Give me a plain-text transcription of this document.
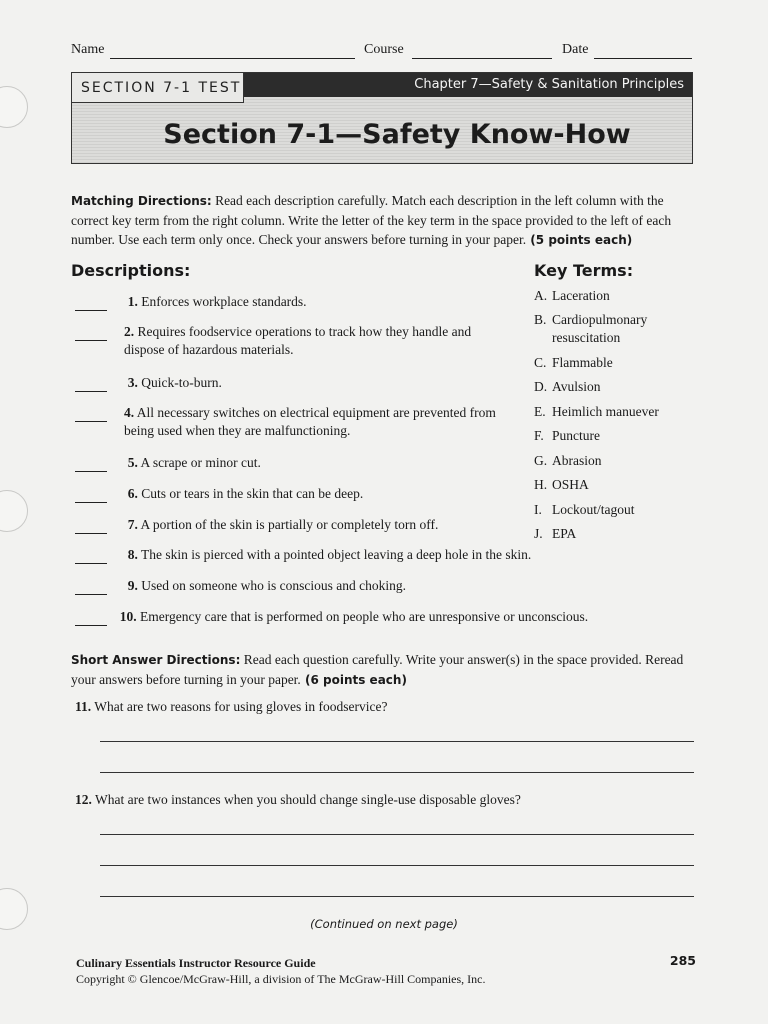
Name	Course	Date
SECTION 7-1 TEST	Chapter 7—Safety & Sanitation Principles
Section 7-1—Safety Know-How
Matching Directions: Read each description carefully. Match each description in the left column with the correct key term from the right column. Write the letter of the key term in the space provided to the left of each number. Use each term only once. Check your answers before turning in your paper. (5 points each)
Descriptions:	Key Terms:
1. Enforces workplace standards.
2. Requires foodservice operations to track how they handle and dispose of hazardous materials.
3. Quick-to-burn.
4. All necessary switches on electrical equipment are prevented from being used when they are malfunctioning.
5. A scrape or minor cut.
6. Cuts or tears in the skin that can be deep.
7. A portion of the skin is partially or completely torn off.
8. The skin is pierced with a pointed object leaving a deep hole in the skin.
9. Used on someone who is conscious and choking.
10. Emergency care that is performed on people who are unresponsive or unconscious.
A. Laceration
B. Cardiopulmonary resuscitation
C. Flammable
D. Avulsion
E. Heimlich manuever
F. Puncture
G. Abrasion
H. OSHA
I. Lockout/tagout
J. EPA
Short Answer Directions: Read each question carefully. Write your answer(s) in the space provided. Reread your answers before turning in your paper. (6 points each)
11. What are two reasons for using gloves in foodservice?
12. What are two instances when you should change single-use disposable gloves?
(Continued on next page)
Culinary Essentials Instructor Resource Guide
Copyright © Glencoe/McGraw-Hill, a division of The McGraw-Hill Companies, Inc.
285
